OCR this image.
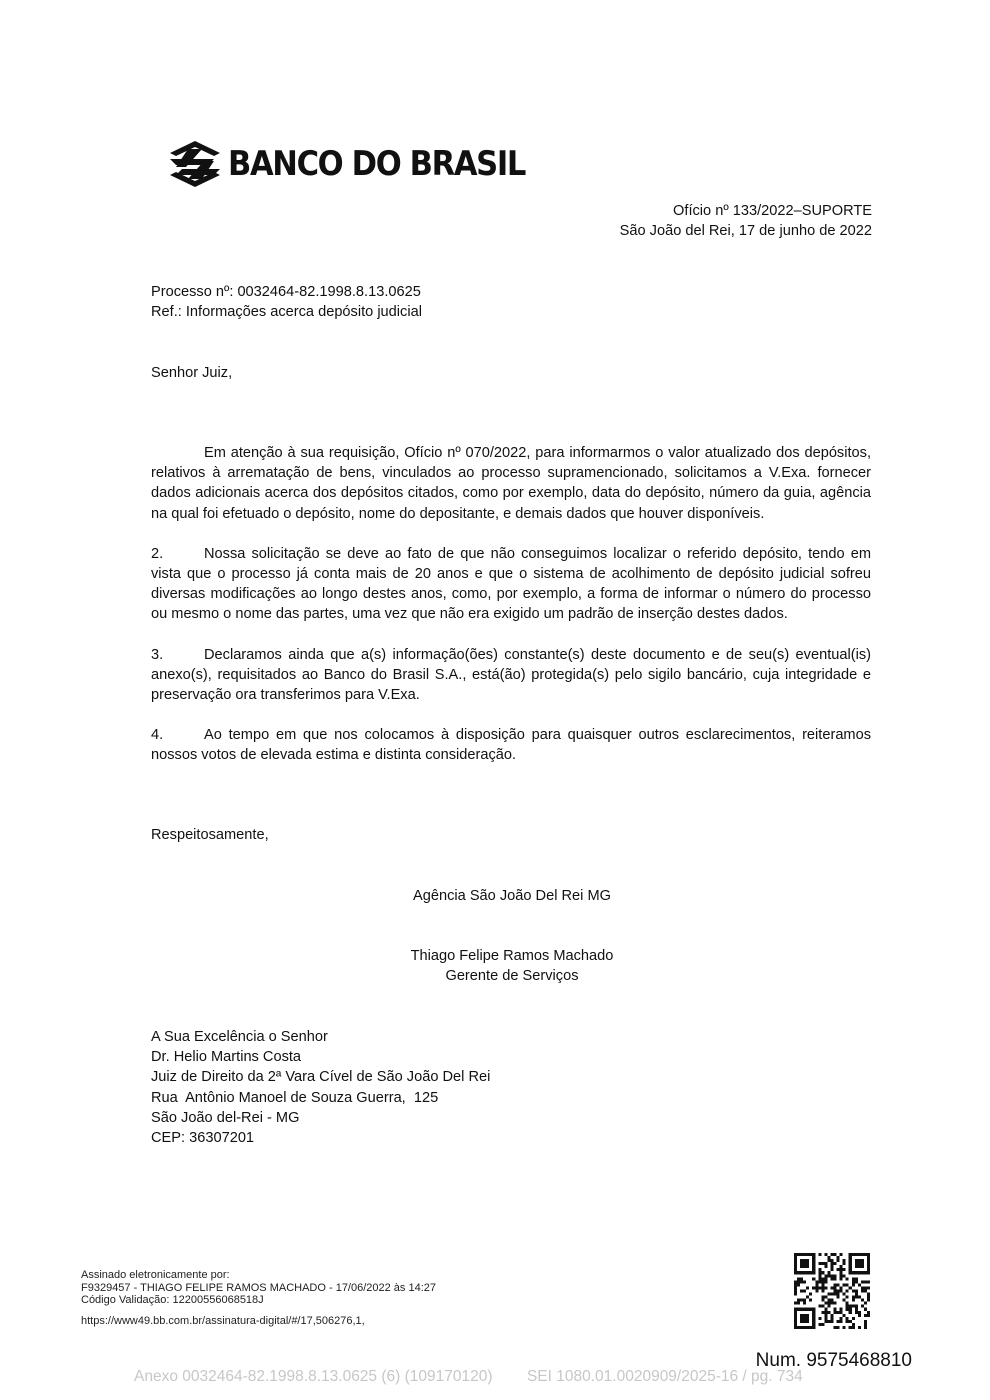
BANCO DO BRASIL
Ofício nº 133/2022–SUPORTE
São João del Rei, 17 de junho de 2022
Processo nº: 0032464-82.1998.8.13.0625
Ref.: Informações acerca depósito judicial
Senhor Juiz,

Em atenção à sua requisição, Ofício nº 070/2022, para informarmos o valor atualizado dos depósitos, relativos à arrematação de bens, vinculados ao processo supramencionado, solicitamos a V.Exa. fornecer dados adicionais acerca dos depósitos citados, como por exemplo, data do depósito, número da guia, agência na qual foi efetuado o depósito, nome do depositante, e demais dados que houver disponíveis.

2.	Nossa solicitação se deve ao fato de que não conseguimos localizar o referido depósito, tendo em vista que o processo já conta mais de 20 anos e que o sistema de acolhimento de depósito judicial sofreu diversas modificações ao longo destes anos, como, por exemplo, a forma de informar o número do processo ou mesmo o nome das partes, uma vez que não era exigido um padrão de inserção destes dados.

3.	Declaramos ainda que a(s) informação(ões) constante(s) deste documento e de seu(s) eventual(is) anexo(s), requisitados ao Banco do Brasil S.A., está(ão) protegida(s) pelo sigilo bancário, cuja integridade e preservação ora transferimos para V.Exa.

4.	Ao tempo em que nos colocamos à disposição para quaisquer outros esclarecimentos, reiteramos nossos votos de elevada estima e distinta consideração.

Respeitosamente,
Agência São João Del Rei MG
Thiago Felipe Ramos Machado
Gerente de Serviços
A Sua Excelência o Senhor
Dr. Helio Martins Costa
Juiz de Direito da 2ª Vara Cível de São João Del Rei
Rua  Antônio Manoel de Souza Guerra,  125
São João del-Rei - MG
CEP: 36307201
Assinado eletronicamente por:
F9329457 - THIAGO FELIPE RAMOS MACHADO - 17/06/2022 às 14:27
Código Validação: 12200556068518J
https://www49.bb.com.br/assinatura-digital/#/17,506276,1,
Num. 9575468810
Anexo 0032464-82.1998.8.13.0625 (6) (109170120)        SEI 1080.01.0020909/2025-16 / pg. 734
